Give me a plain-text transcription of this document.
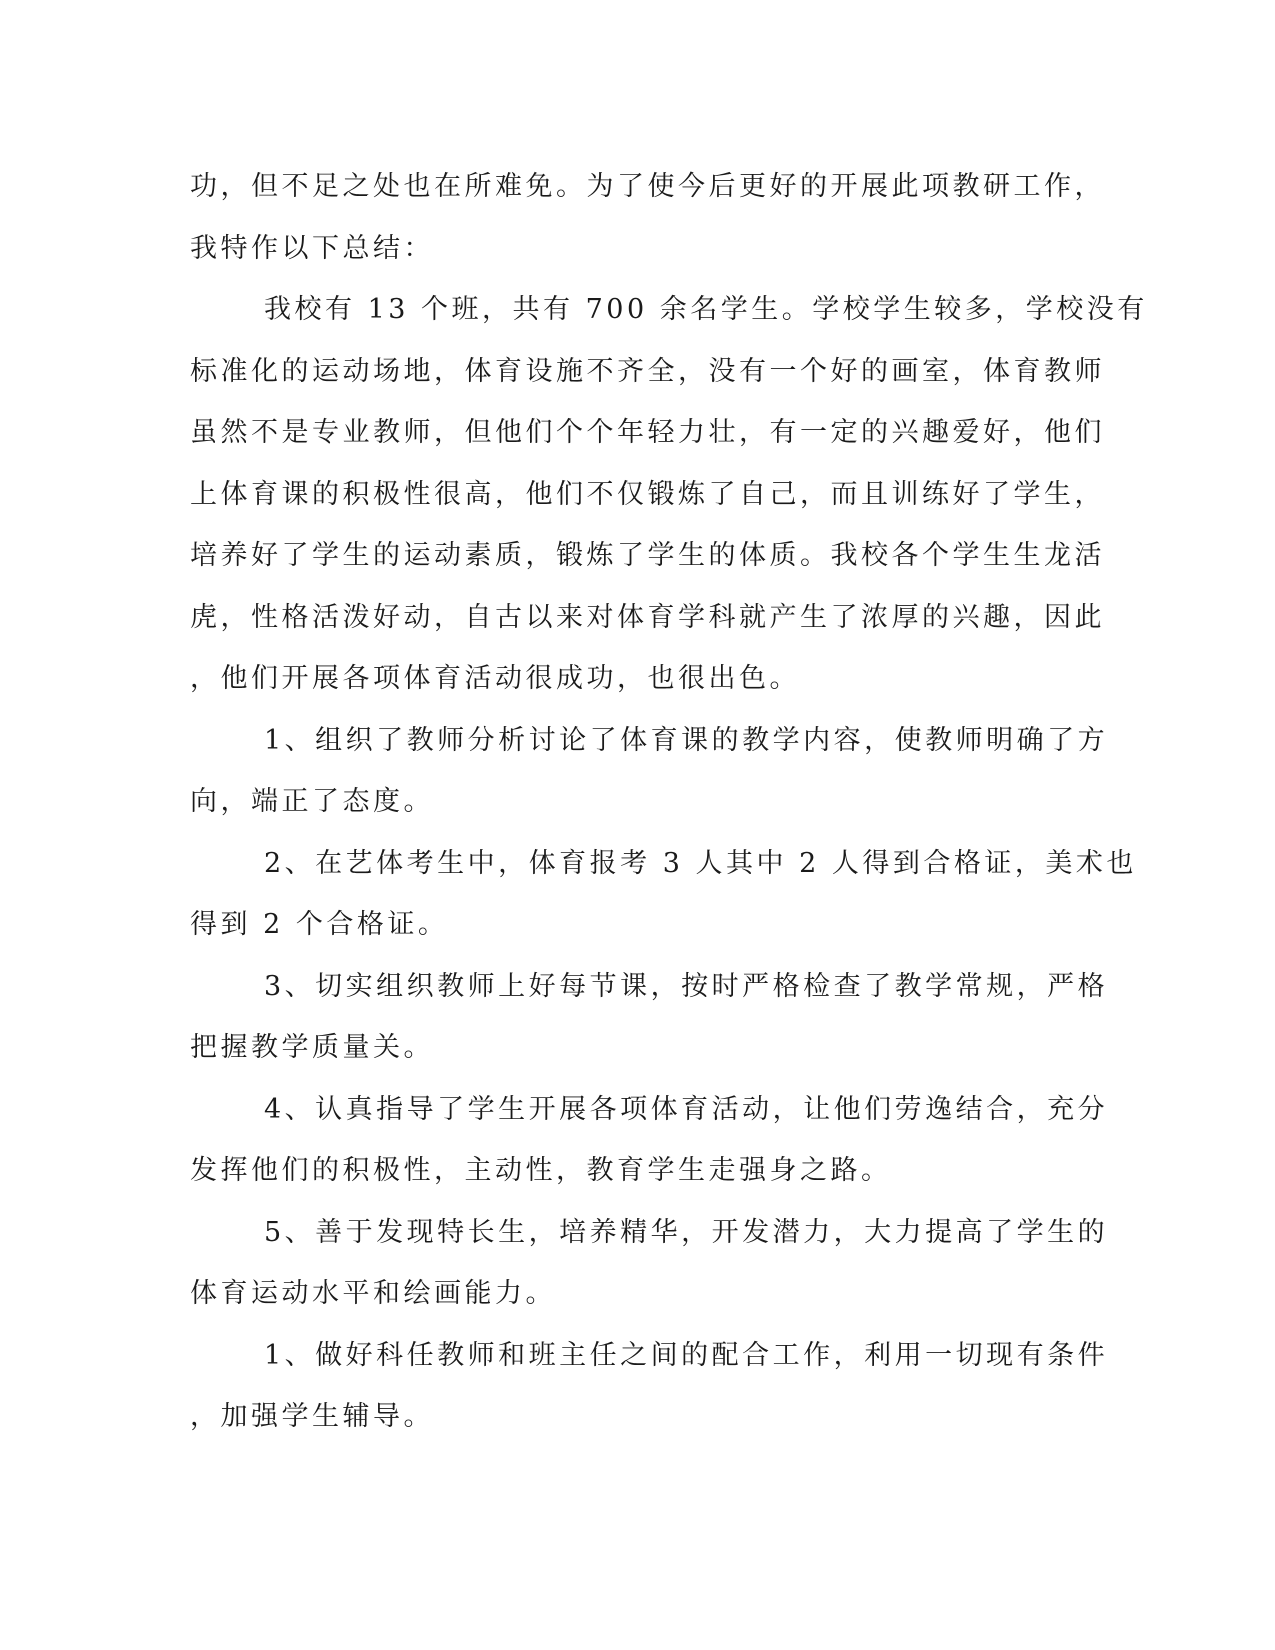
功，但不足之处也在所难免。为了使今后更好的开展此项教研工作，
我特作以下总结：
我校有 13 个班，共有 700 余名学生。学校学生较多，学校没有
标准化的运动场地，体育设施不齐全，没有一个好的画室，体育教师
虽然不是专业教师，但他们个个年轻力壮，有一定的兴趣爱好，他们
上体育课的积极性很高，他们不仅锻炼了自己，而且训练好了学生，
培养好了学生的运动素质，锻炼了学生的体质。我校各个学生生龙活
虎，性格活泼好动，自古以来对体育学科就产生了浓厚的兴趣，因此
，他们开展各项体育活动很成功，也很出色。
1、组织了教师分析讨论了体育课的教学内容，使教师明确了方
向，端正了态度。
2、在艺体考生中，体育报考 3 人其中 2 人得到合格证，美术也
得到 2 个合格证。
3、切实组织教师上好每节课，按时严格检查了教学常规，严格
把握教学质量关。
4、认真指导了学生开展各项体育活动，让他们劳逸结合，充分
发挥他们的积极性，主动性，教育学生走强身之路。
5、善于发现特长生，培养精华，开发潜力，大力提高了学生的
体育运动水平和绘画能力。
1、做好科任教师和班主任之间的配合工作，利用一切现有条件
，加强学生辅导。
